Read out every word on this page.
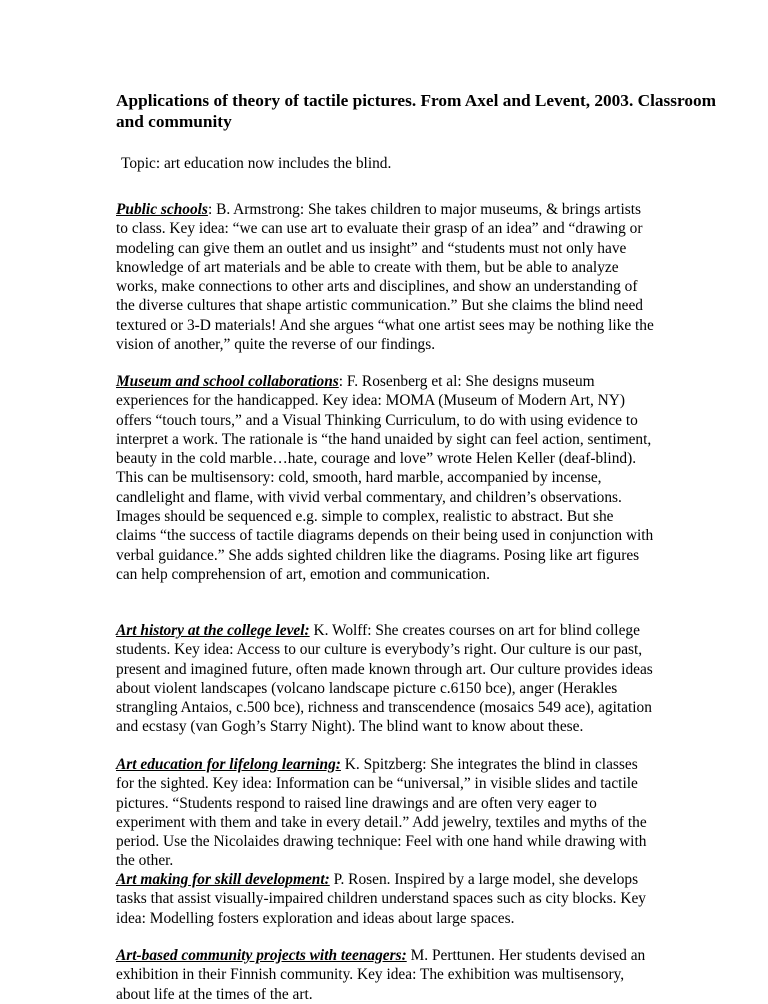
Applications of theory of tactile pictures. From Axel and Levent, 2003. Classroom and community

Topic: art education now includes the blind.

Public schools: B. Armstrong: She takes children to major museums, & brings artists to class. Key idea: “we can use art to evaluate their grasp of an idea” and “drawing or modeling can give them an outlet and us insight” and “students must not only have knowledge of art materials and be able to create with them, but be able to analyze works, make connections to other arts and disciplines, and show an understanding of the diverse cultures that shape artistic communication.” But she claims the blind need textured or 3-D materials! And she argues “what one artist sees may be nothing like the vision of another,” quite the reverse of our findings.

Museum and school collaborations: F. Rosenberg et al: She designs museum experiences for the handicapped. Key idea: MOMA (Museum of Modern Art, NY) offers “touch tours,” and a Visual Thinking Curriculum, to do with using evidence to interpret a work. The rationale is “the hand unaided by sight can feel action, sentiment, beauty in the cold marble…hate, courage and love” wrote Helen Keller (deaf-blind). This can be multisensory: cold, smooth, hard marble, accompanied by incense, candlelight and flame, with vivid verbal commentary, and children’s observations. Images should be sequenced e.g. simple to complex, realistic to abstract. But she claims “the success of tactile diagrams depends on their being used in conjunction with verbal guidance.” She adds sighted children like the diagrams. Posing like art figures can help comprehension of art, emotion and communication.

Art history at the college level: K. Wolff: She creates courses on art for blind college students. Key idea: Access to our culture is everybody’s right. Our culture is our past, present and imagined future, often made known through art. Our culture provides ideas about violent landscapes (volcano landscape picture c.6150 bce), anger (Herakles strangling Antaios, c.500 bce), richness and transcendence (mosaics 549 ace), agitation and ecstasy (van Gogh’s Starry Night). The blind want to know about these.

Art education for lifelong learning: K. Spitzberg: She integrates the blind in classes for the sighted. Key idea: Information can be “universal,” in visible slides and tactile pictures. “Students respond to raised line drawings and are often very eager to experiment with them and take in every detail.” Add jewelry, textiles and myths of the period. Use the Nicolaides drawing technique: Feel with one hand while drawing with the other.

Art making for skill development: P. Rosen. Inspired by a large model, she develops tasks that assist visually-impaired children understand spaces such as city blocks. Key idea: Modelling fosters exploration and ideas about large spaces.

Art-based community projects with teenagers: M. Perttunen. Her students devised an exhibition in their Finnish community. Key idea: The exhibition was multisensory, about life at the times of the art.
